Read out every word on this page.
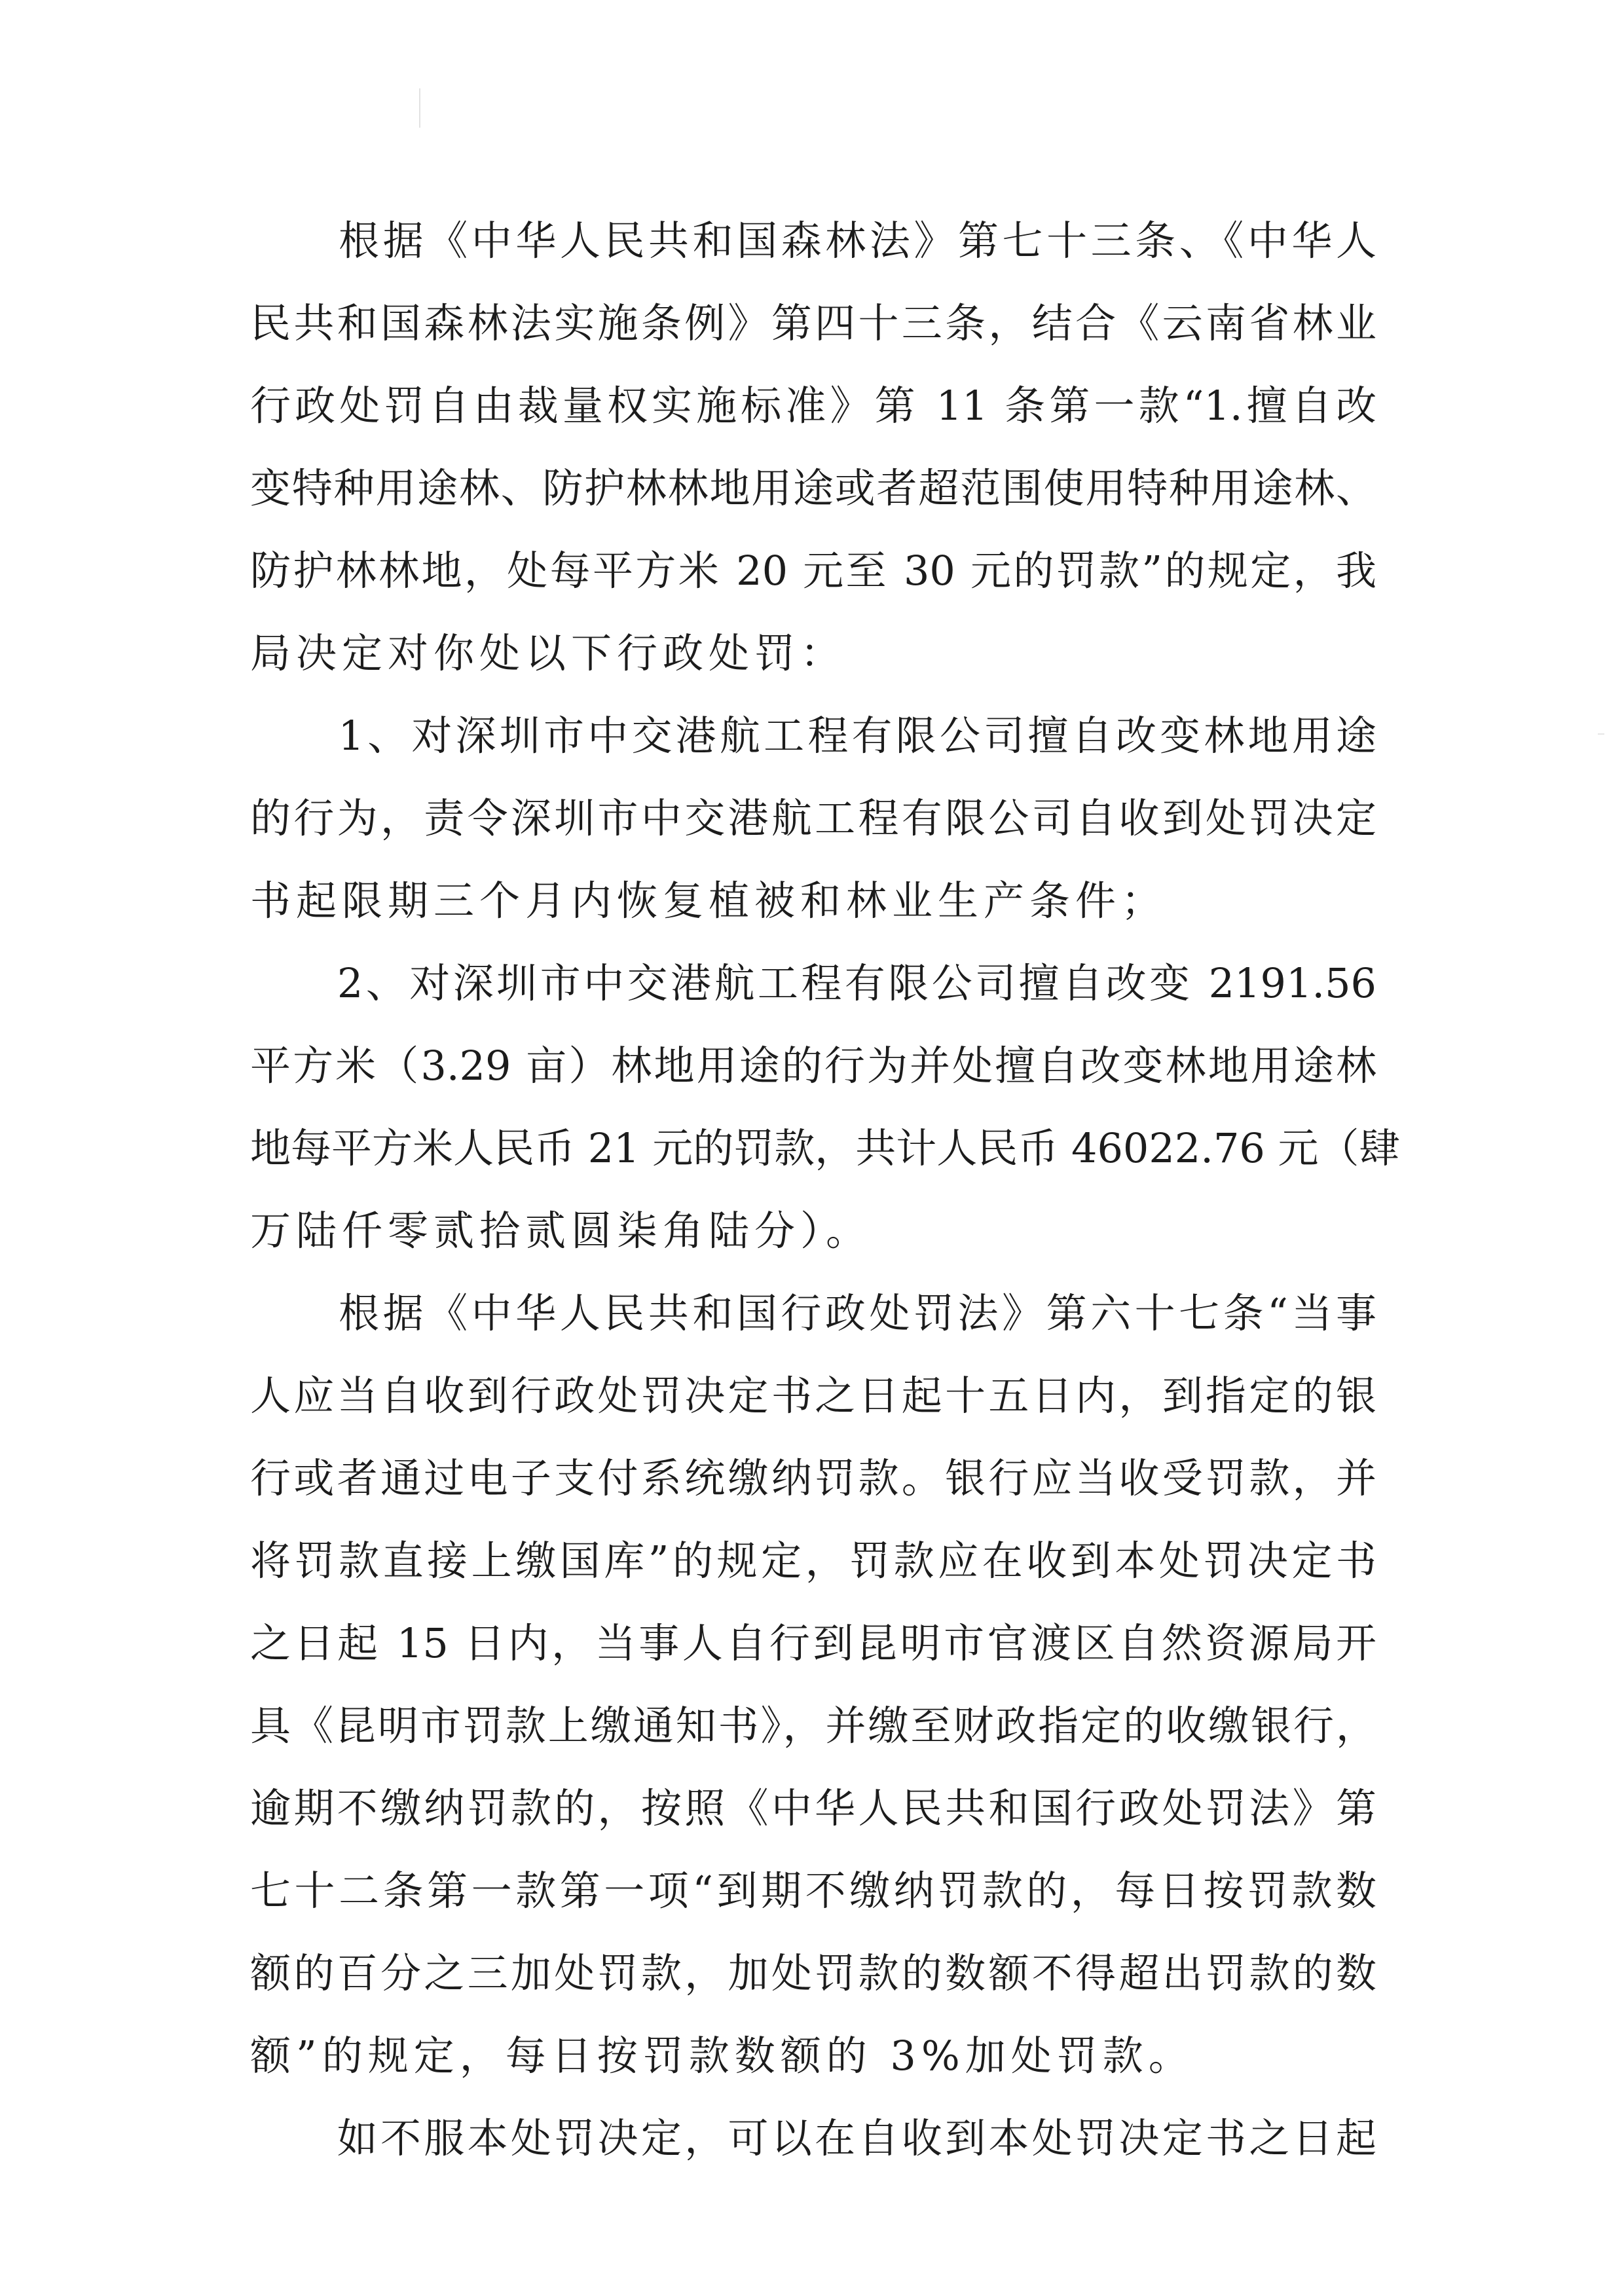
　　根据《中华人民共和国森林法》第七十三条、《中华人
民共和国森林法实施条例》第四十三条，结合《云南省林业
行政处罚自由裁量权实施标准》第 11 条第一款“1.擅自改
变特种用途林、防护林林地用途或者超范围使用特种用途林、
防护林林地，处每平方米 20 元至 30 元的罚款”的规定，我
局决定对你处以下行政处罚：
　　1、对深圳市中交港航工程有限公司擅自改变林地用途
的行为，责令深圳市中交港航工程有限公司自收到处罚决定
书起限期三个月内恢复植被和林业生产条件；
　　2、对深圳市中交港航工程有限公司擅自改变 2191.56
平方米（3.29 亩）林地用途的行为并处擅自改变林地用途林
地每平方米人民币 21 元的罚款，共计人民币 46022.76 元（肆
万陆仟零贰拾贰圆柒角陆分）。
　　根据《中华人民共和国行政处罚法》第六十七条“当事
人应当自收到行政处罚决定书之日起十五日内，到指定的银
行或者通过电子支付系统缴纳罚款。银行应当收受罚款，并
将罚款直接上缴国库”的规定，罚款应在收到本处罚决定书
之日起 15 日内，当事人自行到昆明市官渡区自然资源局开
具《昆明市罚款上缴通知书》，并缴至财政指定的收缴银行，
逾期不缴纳罚款的，按照《中华人民共和国行政处罚法》第
七十二条第一款第一项“到期不缴纳罚款的，每日按罚款数
额的百分之三加处罚款，加处罚款的数额不得超出罚款的数
额”的规定，每日按罚款数额的 3%加处罚款。
　　如不服本处罚决定，可以在自收到本处罚决定书之日起
